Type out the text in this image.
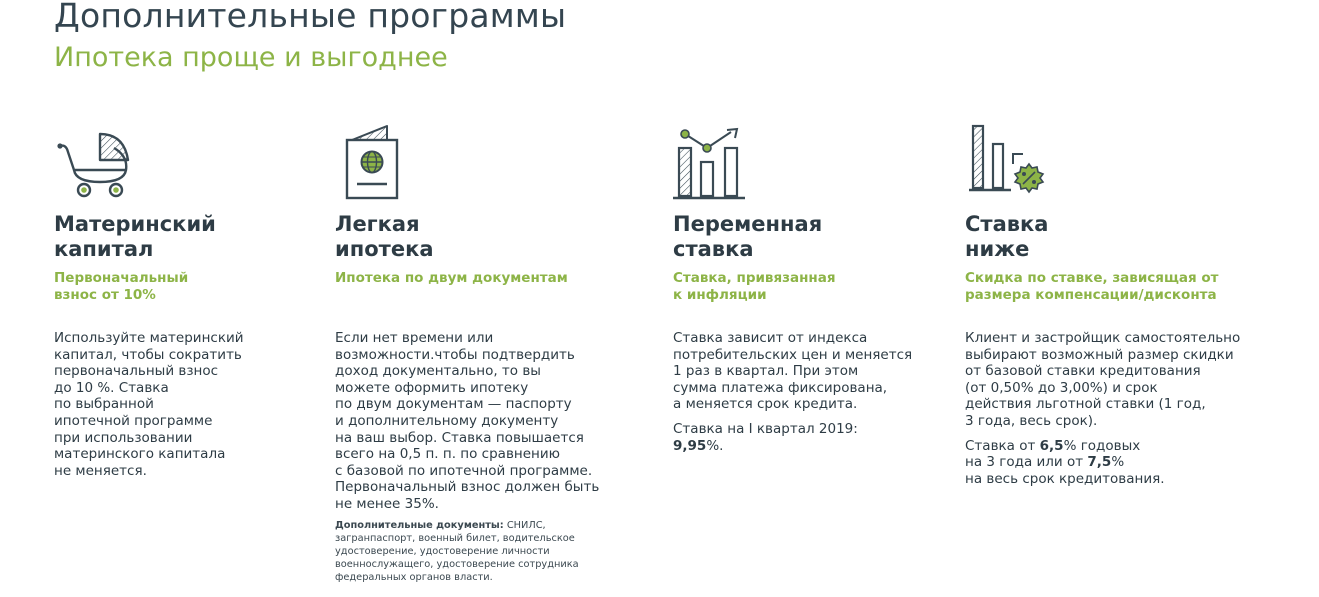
Дополнительные программы
Ипотека проще и выгоднее
Материнский
капитал
Первоначальный
взнос от 10%
Используйте материнский
капитал, чтобы сократить
первоначальный взнос
до 10 %. Ставка
по выбранной
ипотечной программе
при использовании
материнского капитала
не меняется.
Легкая
ипотека
Ипотека по двум документам
Если нет времени или
возможности.чтобы подтвердить
доход документально, то вы
можете оформить ипотеку
по двум документам — паспорту
и дополнительному документу
на ваш выбор. Ставка повышается
всего на 0,5 п. п. по сравнению
с базовой по ипотечной программе.
Первоначальный взнос должен быть
не менее 35%.
Дополнительные документы: СНИЛС,
загранпаспорт, военный билет, водительское
удостоверение, удостоверение личности
военнослужащего, удостоверение сотрудника
федеральных органов власти.
Переменная
ставка
Ставка, привязанная
к инфляции
Ставка зависит от индекса
потребительских цен и меняется
1 раз в квартал. При этом
сумма платежа фиксирована,
а меняется срок кредита.
Ставка на I квартал 2019:
9,95%.
Ставка
ниже
Скидка по ставке, зависящая от
размера компенсации/дисконта
Клиент и застройщик самостоятельно
выбирают возможный размер скидки
от базовой ставки кредитования
(от 0,50% до 3,00%) и срок
действия льготной ставки (1 год,
3 года, весь срок).
Ставка от 6,5% годовых
на 3 года или от 7,5%
на весь срок кредитования.
